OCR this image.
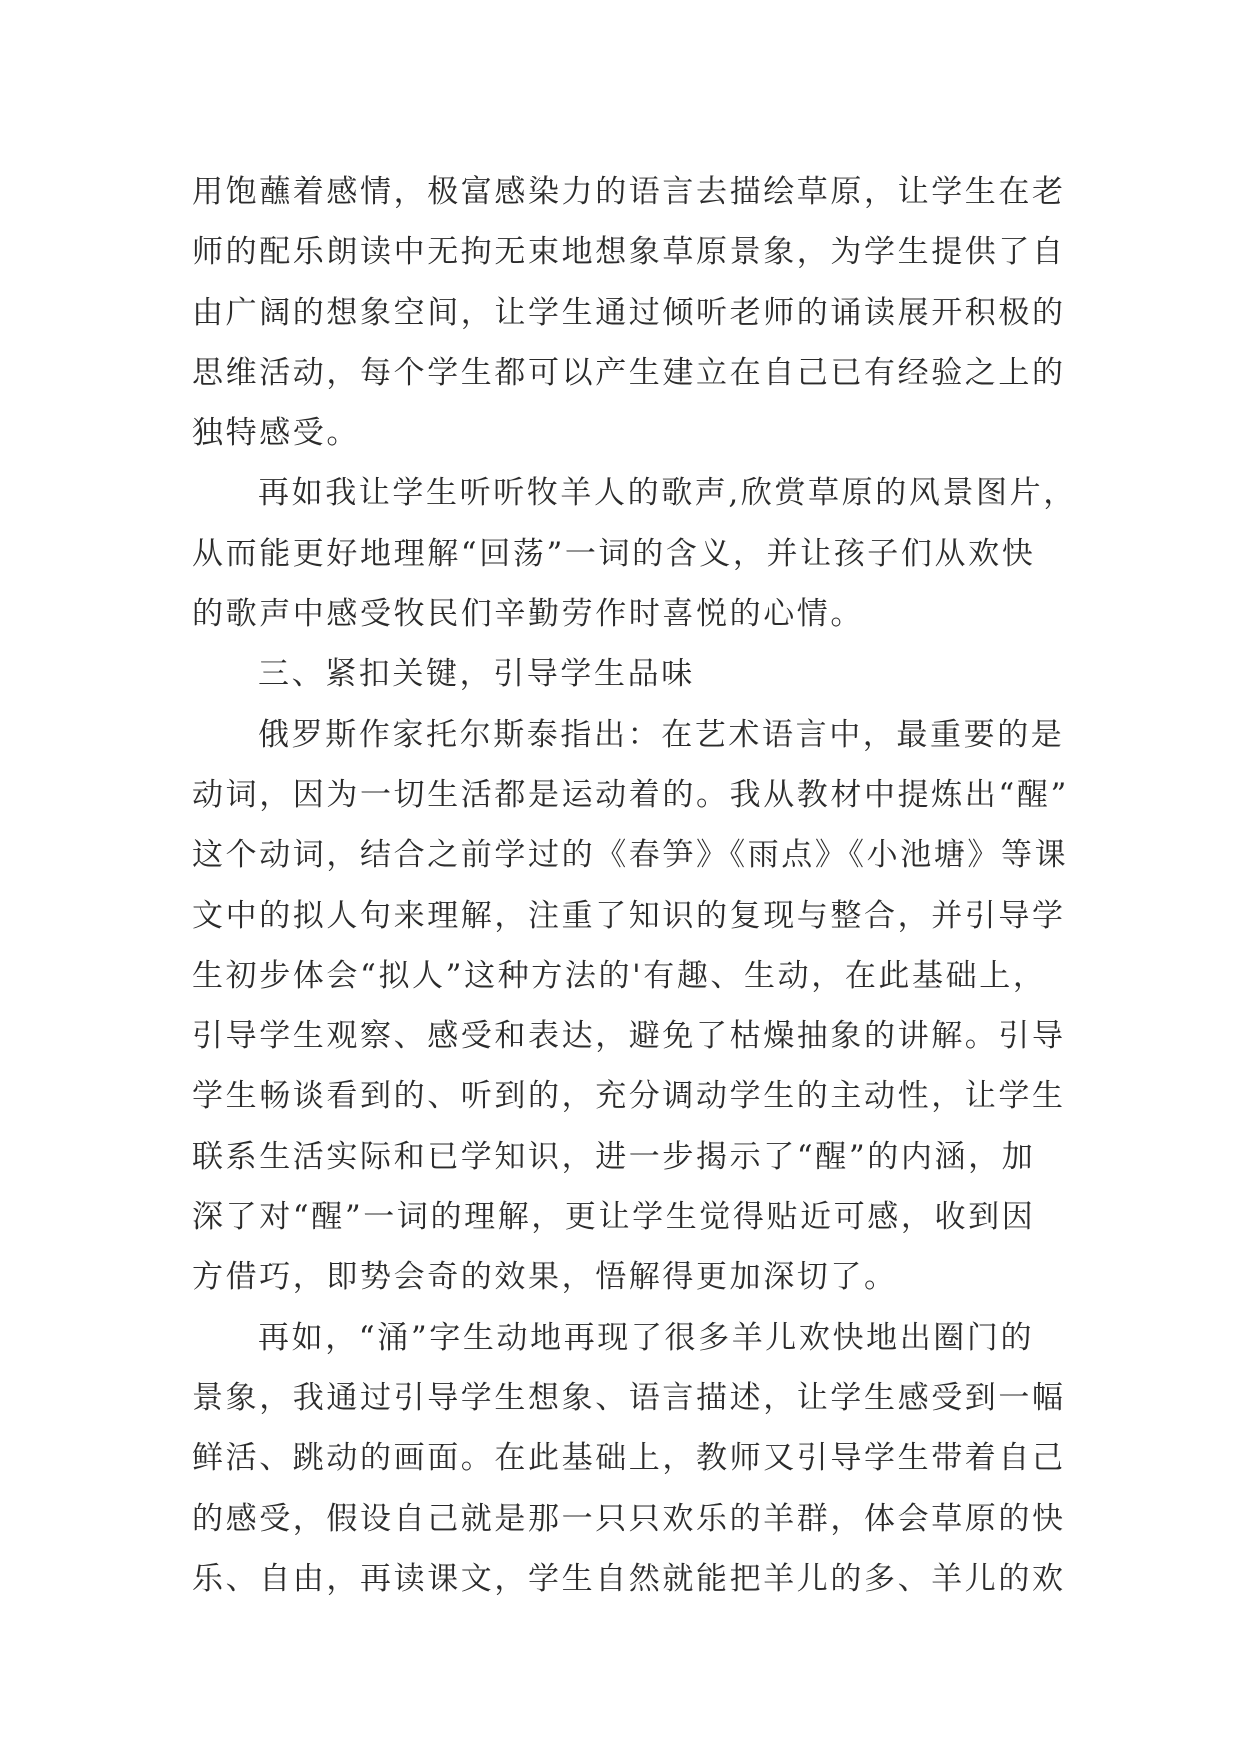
用饱蘸着感情，极富感染力的语言去描绘草原，让学生在老
师的配乐朗读中无拘无束地想象草原景象，为学生提供了自
由广阔的想象空间，让学生通过倾听老师的诵读展开积极的
思维活动，每个学生都可以产生建立在自己已有经验之上的
独特感受。
再如我让学生听听牧羊人的歌声,欣赏草原的风景图片，
从而能更好地理解“回荡”一词的含义，并让孩子们从欢快
的歌声中感受牧民们辛勤劳作时喜悦的心情。
三、紧扣关键，引导学生品味
俄罗斯作家托尔斯泰指出：在艺术语言中，最重要的是
动词，因为一切生活都是运动着的。我从教材中提炼出“醒”
这个动词，结合之前学过的《春笋》《雨点》《小池塘》等课
文中的拟人句来理解，注重了知识的复现与整合，并引导学
生初步体会“拟人”这种方法的'有趣、生动，在此基础上，
引导学生观察、感受和表达，避免了枯燥抽象的讲解。引导
学生畅谈看到的、听到的，充分调动学生的主动性，让学生
联系生活实际和已学知识，进一步揭示了“醒”的内涵，加
深了对“醒”一词的理解，更让学生觉得贴近可感，收到因
方借巧，即势会奇的效果，悟解得更加深切了。
再如，“涌”字生动地再现了很多羊儿欢快地出圈门的
景象，我通过引导学生想象、语言描述，让学生感受到一幅
鲜活、跳动的画面。在此基础上，教师又引导学生带着自己
的感受，假设自己就是那一只只欢乐的羊群，体会草原的快
乐、自由，再读课文，学生自然就能把羊儿的多、羊儿的欢
